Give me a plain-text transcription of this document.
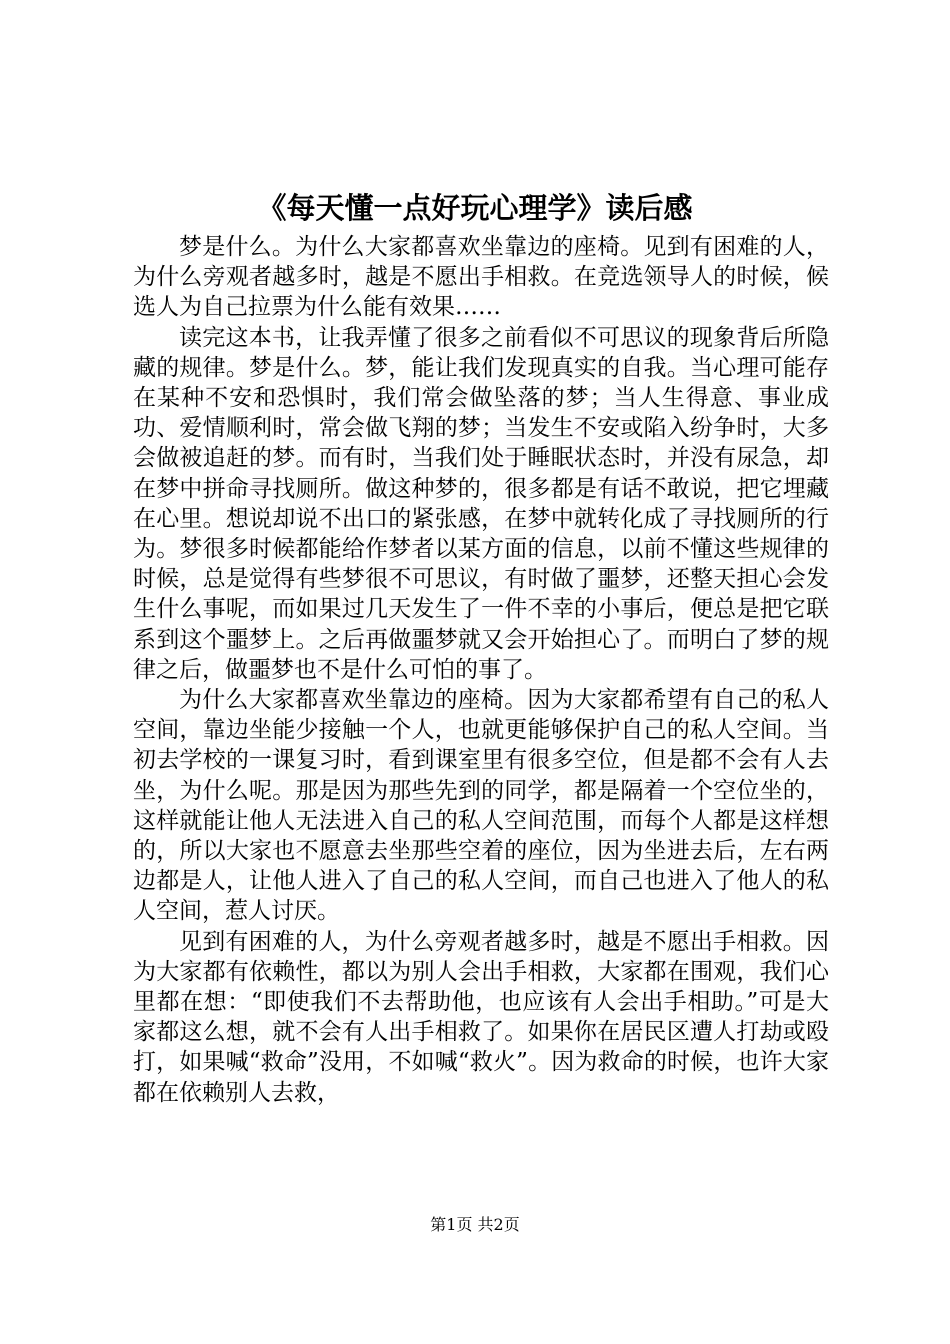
《每天懂一点好玩心理学》读后感

梦是什么。为什么大家都喜欢坐靠边的座椅。见到有困难的人，为什么旁观者越多时，越是不愿出手相救。在竞选领导人的时候，候选人为自己拉票为什么能有效果……

读完这本书，让我弄懂了很多之前看似不可思议的现象背后所隐藏的规律。梦是什么。梦，能让我们发现真实的自我。当心理可能存在某种不安和恐惧时，我们常会做坠落的梦；当人生得意、事业成功、爱情顺利时，常会做飞翔的梦；当发生不安或陷入纷争时，大多会做被追赶的梦。而有时，当我们处于睡眠状态时，并没有尿急，却在梦中拼命寻找厕所。做这种梦的，很多都是有话不敢说，把它埋藏在心里。想说却说不出口的紧张感，在梦中就转化成了寻找厕所的行为。梦很多时候都能给作梦者以某方面的信息，以前不懂这些规律的时候，总是觉得有些梦很不可思议，有时做了噩梦，还整天担心会发生什么事呢，而如果过几天发生了一件不幸的小事后，便总是把它联系到这个噩梦上。之后再做噩梦就又会开始担心了。而明白了梦的规律之后，做噩梦也不是什么可怕的事了。

为什么大家都喜欢坐靠边的座椅。因为大家都希望有自己的私人空间，靠边坐能少接触一个人，也就更能够保护自己的私人空间。当初去学校的一课复习时，看到课室里有很多空位，但是都不会有人去坐，为什么呢。那是因为那些先到的同学，都是隔着一个空位坐的，这样就能让他人无法进入自己的私人空间范围，而每个人都是这样想的，所以大家也不愿意去坐那些空着的座位，因为坐进去后，左右两边都是人，让他人进入了自己的私人空间，而自己也进入了他人的私人空间，惹人讨厌。

见到有困难的人，为什么旁观者越多时，越是不愿出手相救。因为大家都有依赖性，都以为别人会出手相救，大家都在围观，我们心里都在想：“即使我们不去帮助他，也应该有人会出手相助。”可是大家都这么想，就不会有人出手相救了。如果你在居民区遭人打劫或殴打，如果喊“救命”没用，不如喊“救火”。因为救命的时候，也许大家都在依赖别人去救，

第1页 共2页
